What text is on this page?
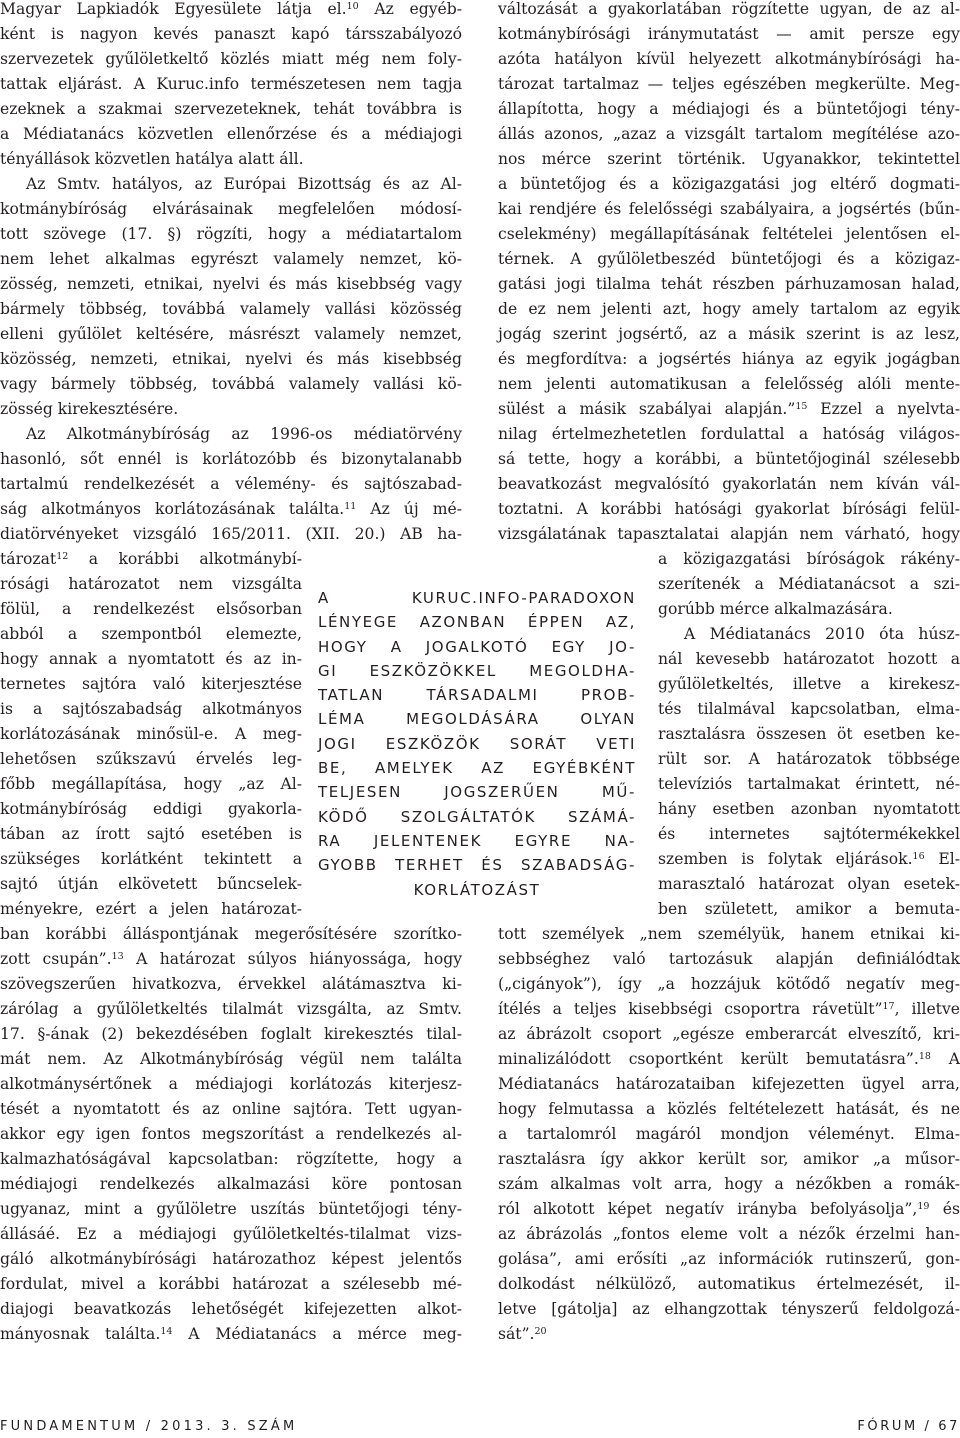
Magyar Lapkiadók Egyesülete látja el.$^{10}$ Az egyéb-
ként is nagyon kevés panaszt kapó társszabályozó
szervezetek gyűlöletkeltő közlés miatt még nem foly-
tattak eljárást. A Kuruc.info természetesen nem tagja
ezeknek a szakmai szervezeteknek, tehát továbbra is
a Médiatanács közvetlen ellenőrzése és a médiajogi
tényállások közvetlen hatálya alatt áll.
Az Smtv. hatályos, az Európai Bizottság és az Al-
kotmánybíróság elvárásainak megfelelően módosí-
tott szövege (17. §) rögzíti, hogy a médiatartalom
nem lehet alkalmas egyrészt valamely nemzet, kö-
zösség, nemzeti, etnikai, nyelvi és más kisebbség vagy
bármely többség, továbbá valamely vallási közösség
elleni gyűlölet keltésére, másrészt valamely nemzet,
közösség, nemzeti, etnikai, nyelvi és más kisebbség
vagy bármely többség, továbbá valamely vallási kö-
zösség kirekesztésére.
Az Alkotmánybíróság az 1996-os médiatörvény
hasonló, sőt ennél is korlátozóbb és bizonytalanabb
tartalmú rendelkezését a vélemény- és sajtószabad-
ság alkotmányos korlátozásának találta.$^{11}$ Az új mé-
diatörvényeket vizsgáló 165/2011. (XII. 20.) AB ha-
tározat$^{12}$ a korábbi alkotmánybí-
rósági határozatot nem vizsgálta
fölül, a rendelkezést elsősorban
abból a szempontból elemezte,
hogy annak a nyomtatott és az in-
ternetes sajtóra való kiterjesztése
is a sajtószabadság alkotmányos
korlátozásának minősül-e. A meg-
lehetősen szűkszavú érvelés leg-
főbb megállapítása, hogy „az Al-
kotmánybíróság eddigi gyakorla-
tában az írott sajtó esetében is
szükséges korlátként tekintett a
sajtó útján elkövetett bűncselek-
ményekre, ezért a jelen határozat-
ban korábbi álláspontjának megerősítésére szorítko-
zott csupán”.$^{13}$ A határozat súlyos hiányossága, hogy
szövegszerűen hivatkozva, érvekkel alátámasztva ki-
zárólag a gyűlöletkeltés tilalmát vizsgálta, az Smtv.
17. §-ának (2) bekezdésében foglalt kirekesztés tilal-
mát nem. Az Alkotmánybíróság végül nem találta
alkotmánysértőnek a médiajogi korlátozás kiterjesz-
tését a nyomtatott és az online sajtóra. Tett ugyan-
akkor egy igen fontos megszorítást a rendelkezés al-
kalmazhatóságával kapcsolatban: rögzítette, hogy a
médiajogi rendelkezés alkalmazási köre pontosan
ugyanaz, mint a gyűlöletre uszítás büntetőjogi tény-
állásáé. Ez a médiajogi gyűlöletkeltés-tilalmat vizs-
gáló alkotmánybírósági határozathoz képest jelentős
fordulat, mivel a korábbi határozat a szélesebb mé-
diajogi beavatkozás lehetőségét kifejezetten alkot-
mányosnak találta.$^{14}$ A Médiatanács a mérce meg-
változását a gyakorlatában rögzítette ugyan, de az al-
kotmánybírósági iránymutatást — amit persze egy
azóta hatályon kívül helyezett alkotmánybírósági ha-
tározat tartalmaz — teljes egészében megkerülte. Meg-
állapította, hogy a médiajogi és a büntetőjogi tény-
állás azonos, „azaz a vizsgált tartalom megítélése azo-
nos mérce szerint történik. Ugyanakkor, tekintettel
a büntetőjog és a közigazgatási jog eltérő dogmati-
kai rendjére és felelősségi szabályaira, a jogsértés (bűn-
cselekmény) megállapításának feltételei jelentősen el-
térnek. A gyűlöletbeszéd büntetőjogi és a közigaz-
gatási jogi tilalma tehát részben párhuzamosan halad,
de ez nem jelenti azt, hogy amely tartalom az egyik
jogág szerint jogsértő, az a másik szerint is az lesz,
és megfordítva: a jogsértés hiánya az egyik jogágban
nem jelenti automatikusan a felelősség alóli mente-
sülést a másik szabályai alapján.”$^{15}$ Ezzel a nyelvta-
nilag értelmezhetetlen fordulattal a hatóság világos-
sá tette, hogy a korábbi, a büntetőjoginál szélesebb
beavatkozást megvalósító gyakorlatán nem kíván vál-
toztatni. A korábbi hatósági gyakorlat bírósági felül-
vizsgálatának tapasztalatai alapján nem várható, hogy
a közigazgatási bíróságok rákény-
szerítenék a Médiatanácsot a szi-
gorúbb mérce alkalmazására.
A Médiatanács 2010 óta húsz-
nál kevesebb határozatot hozott a
gyűlöletkeltés, illetve a kirekesz-
tés tilalmával kapcsolatban, elma-
rasztalásra összesen öt esetben ke-
rült sor. A határozatok többsége
televíziós tartalmakat érintett, né-
hány esetben azonban nyomtatott
és internetes sajtótermékekkel
szemben is folytak eljárások.$^{16}$ El-
marasztaló határozat olyan esetek-
ben született, amikor a bemuta-
tott személyek „nem személyük, hanem etnikai ki-
sebbséghez való tartozásuk alapján definiálódtak
(„cigányok”), így „a hozzájuk kötődő negatív meg-
ítélés a teljes kisebbségi csoportra rávetült”$^{17}$, illetve
az ábrázolt csoport „egésze emberarcát elveszítő, kri-
minalizálódott csoportként került bemutatásra”.$^{18}$ A
Médiatanács határozataiban kifejezetten ügyel arra,
hogy felmutassa a közlés feltételezett hatását, és ne
a tartalomról magáról mondjon véleményt. Elma-
rasztalásra így akkor került sor, amikor „a műsor-
szám alkalmas volt arra, hogy a nézőkben a romák-
ról alkotott képet negatív irányba befolyásolja”,$^{19}$ és
az ábrázolás „fontos eleme volt a nézők érzelmi han-
golása”, ami erősíti „az információk rutinszerű, gon-
dolkodást nélkülöző, automatikus értelmezését, il-
letve [gátolja] az elhangzottak tényszerű feldolgozá-
sát”.$^{20}$
A KURUC.INFO-PARADOXON
LÉNYEGE AZONBAN ÉPPEN AZ,
HOGY A JOGALKOTÓ EGY JO-
GI ESZKÖZÖKKEL MEGOLDHA-
TATLAN TÁRSADALMI PROB-
LÉMA MEGOLDÁSÁRA OLYAN
JOGI ESZKÖZÖK SORÁT VETI
BE, AMELYEK AZ EGYÉBKÉNT
TELJESEN JOGSZERŰEN MŰ-
KÖDŐ SZOLGÁLTATÓK SZÁMÁ-
RA JELENTENEK EGYRE NA-
GYOBB TERHET ÉS SZABADSÁG-
KORLÁTOZÁST
FUNDAMENTUM / 2013. 3. SZÁM	FÓRUM / 67
